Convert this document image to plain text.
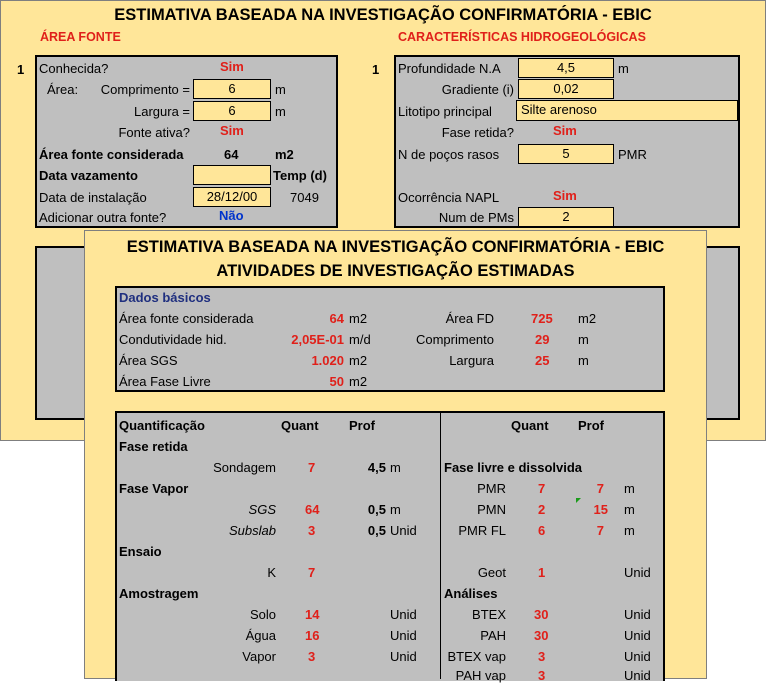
ESTIMATIVA BASEADA NA INVESTIGAÇÃO CONFIRMATÓRIA - EBIC
ÁREA FONTE	CARACTERÍSTICAS HIDROGEOLÓGICAS
1 Conhecida?	Sim
Área:	Comprimento =	6	m
Largura =	6	m
Fonte ativa? Sim
Área fonte considerada	64	m2
Data vazamento	Temp (d)
Data de instalação	28/12/00	7049
Adicionar outra fonte?	Não
1 Profundidade N.A	4,5	m
Gradiente (i)	0,02
Litotipo principal	Silte arenoso
Fase retida?	Sim
N de poços rasos	5	PMR
Ocorrência NAPL	Sim
Num de PMs	2
ESTIMATIVA BASEADA NA INVESTIGAÇÃO CONFIRMATÓRIA - EBIC
ATIVIDADES DE INVESTIGAÇÃO ESTIMADAS
Dados básicos
Área fonte considerada	64 m2	Área FD	725 m2
Condutividade hid.	2,05E-01 m/d	Comprimento	29 m
Área SGS	1.020 m2	Largura	25 m
Área Fase Livre	50 m2
Quantificação	Quant Prof	Quant Prof
Fase retida
Sondagem 7	4,5 m
Fase Vapor
SGS 64	0,5 m
Subslab 3	0,5 Unid
Ensaio
K 7
Amostragem
Solo 14	Unid
Água 16	Unid
Vapor 3	Unid
Fase livre e dissolvida
PMR 7	7 m
PMN 2	15 m
PMR FL 6	7 m
Geot 1	Unid
Análises
BTEX 30	Unid
PAH 30	Unid
BTEX vap 3	Unid
PAH vap 3	Unid
